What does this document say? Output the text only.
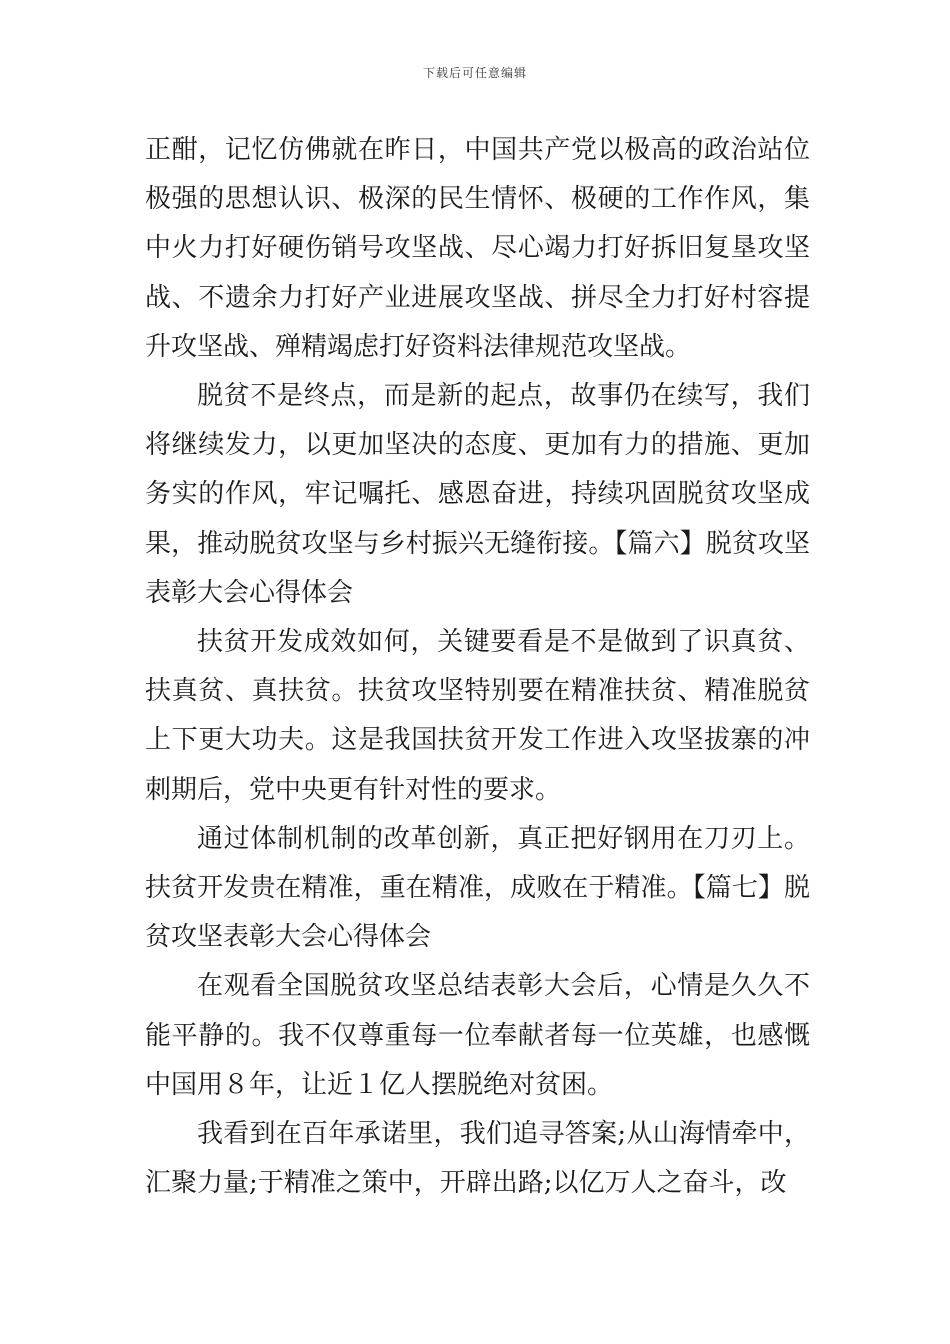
下载后可任意编辑

正酣，记忆仿佛就在昨日，中国共产党以极高的政治站位极强的思想认识、极深的民生情怀、极硬的工作作风，集中火力打好硬伤销号攻坚战、尽心竭力打好拆旧复垦攻坚战、不遗余力打好产业进展攻坚战、拼尽全力打好村容提升攻坚战、殚精竭虑打好资料法律规范攻坚战。

脱贫不是终点，而是新的起点，故事仍在续写，我们将继续发力，以更加坚决的态度、更加有力的措施、更加务实的作风，牢记嘱托、感恩奋进，持续巩固脱贫攻坚成果，推动脱贫攻坚与乡村振兴无缝衔接。【篇六】脱贫攻坚表彰大会心得体会

扶贫开发成效如何，关键要看是不是做到了识真贫、扶真贫、真扶贫。扶贫攻坚特别要在精准扶贫、精准脱贫上下更大功夫。这是我国扶贫开发工作进入攻坚拔寨的冲刺期后，党中央更有针对性的要求。

通过体制机制的改革创新，真正把好钢用在刀刃上。扶贫开发贵在精准，重在精准，成败在于精准。【篇七】脱贫攻坚表彰大会心得体会

在观看全国脱贫攻坚总结表彰大会后，心情是久久不能平静的。我不仅尊重每一位奉献者每一位英雄，也感慨中国用８年，让近１亿人摆脱绝对贫困。

我看到在百年承诺里，我们追寻答案;从山海情牵中，汇聚力量;于精准之策中，开辟出路;以亿万人之奋斗，改
